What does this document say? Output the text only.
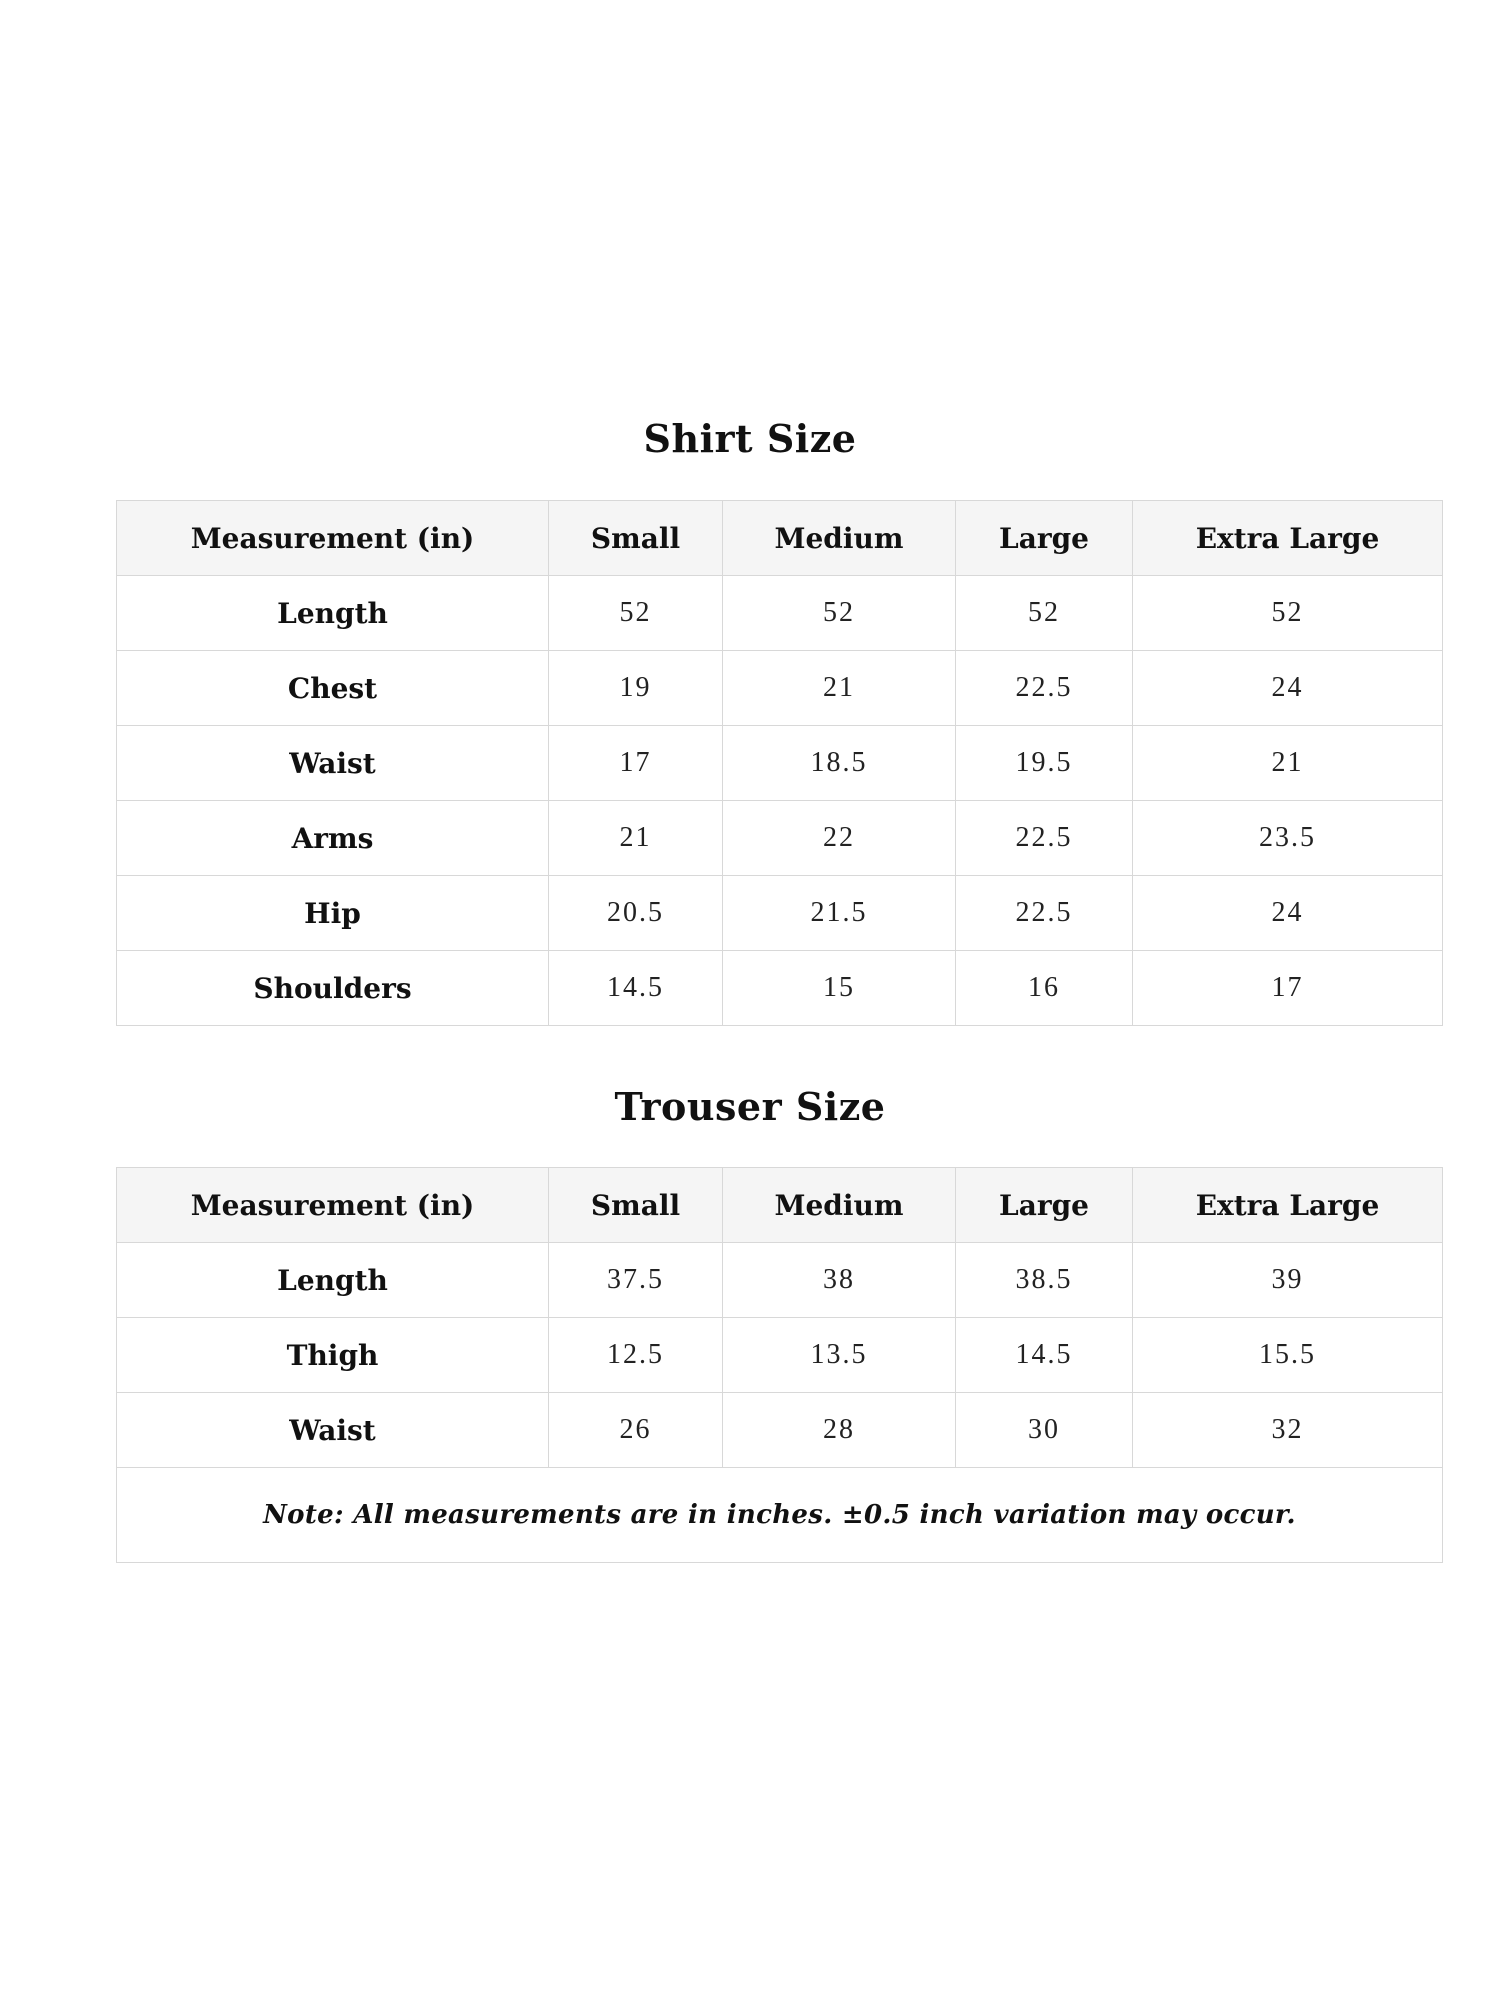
Shirt Size
Measurement (in)	Small	Medium	Large	Extra Large
Length	52	52	52	52
Chest	19	21	22.5	24
Waist	17	18.5	19.5	21
Arms	21	22	22.5	23.5
Hip	20.5	21.5	22.5	24
Shoulders	14.5	15	16	17
Trouser Size
Measurement (in)	Small	Medium	Large	Extra Large
Length	37.5	38	38.5	39
Thigh	12.5	13.5	14.5	15.5
Waist	26	28	30	32
Note: All measurements are in inches. ±0.5 inch variation may occur.				
